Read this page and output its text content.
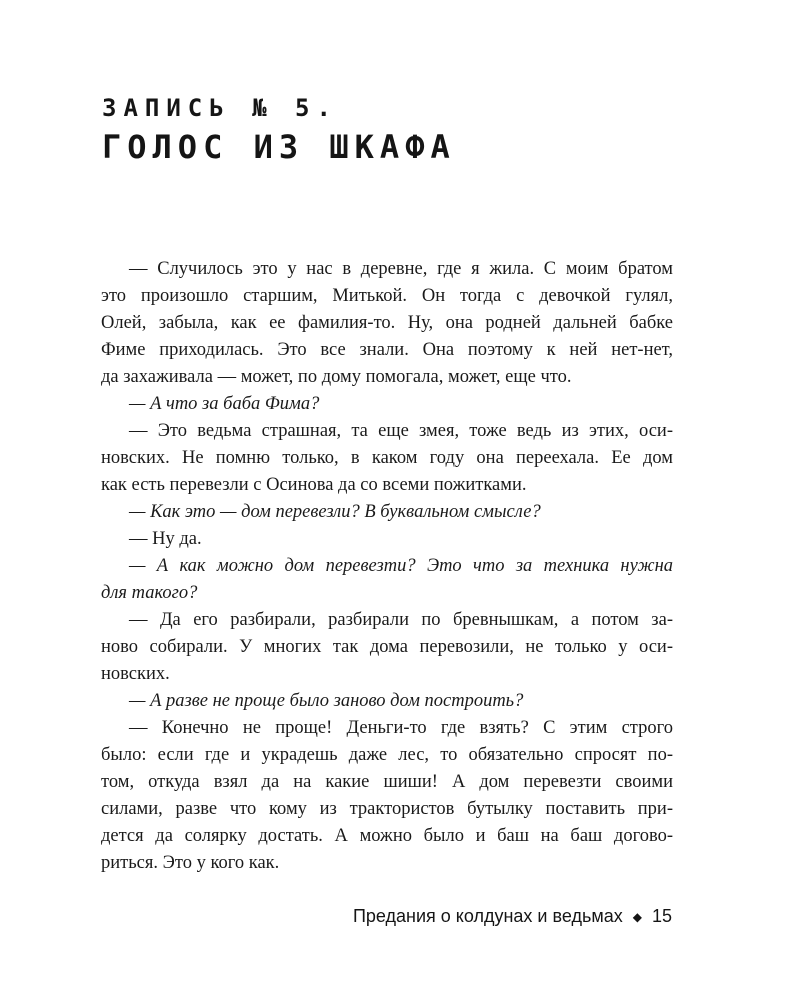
ЗАПИСЬ № 5.
ГОЛОС ИЗ ШКАФА

— Случилось это у нас в деревне, где я жила. С моим братом
это произошло старшим, Митькой. Он тогда с девочкой гулял,
Олей, забыла, как ее фамилия-то. Ну, она родней дальней бабке
Фиме приходилась. Это все знали. Она поэтому к ней нет-нет,
да захаживала — может, по дому помогала, может, еще что.

— А что за баба Фима?

— Это ведьма страшная, та еще змея, тоже ведь из этих, оси-
новских. Не помню только, в каком году она переехала. Ее дом
как есть перевезли с Осинова да со всеми пожитками.

— Как это — дом перевезли? В буквальном смысле?

— Ну да.

— А как можно дом перевезти? Это что за техника нужна
для такого?

— Да его разбирали, разбирали по бревнышкам, а потом за-
ново собирали. У многих так дома перевозили, не только у оси-
новских.

— А разве не проще было заново дом построить?

— Конечно не проще! Деньги-то где взять? С этим строго
было: если где и украдешь даже лес, то обязательно спросят по-
том, откуда взял да на какие шиши! А дом перевезти своими
силами, разве что кому из трактористов бутылку поставить при-
дется да солярку достать. А можно было и баш на баш догово-
риться. Это у кого как.

Предания о колдунах и ведьмах ◆ 15
